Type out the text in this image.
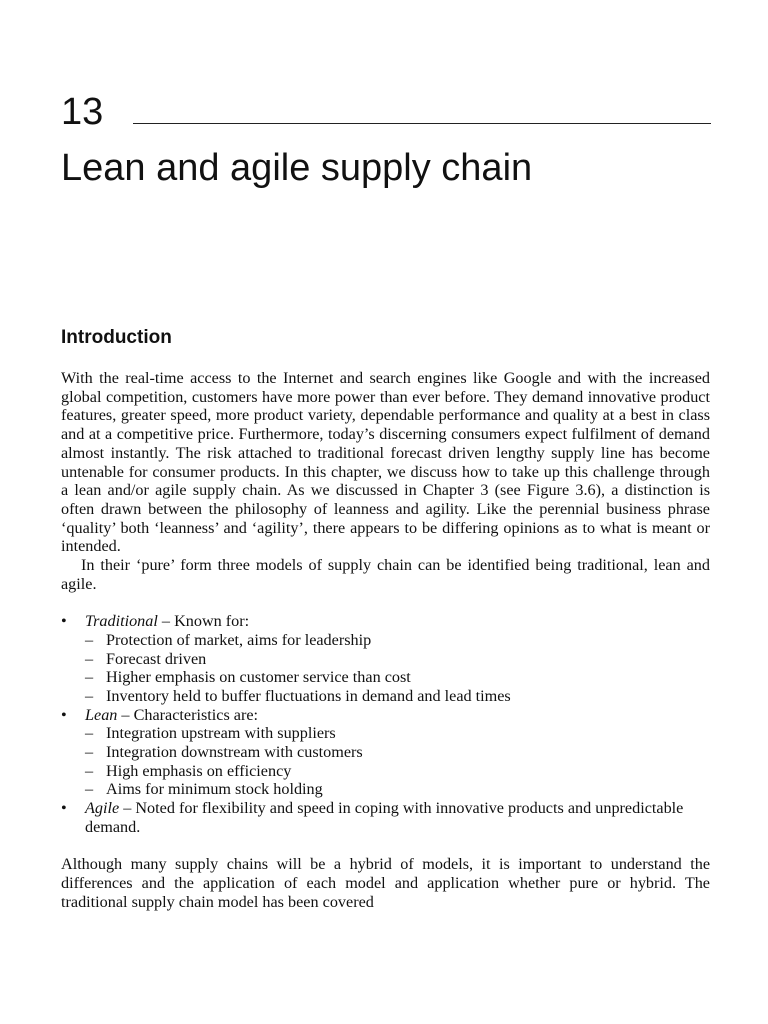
13
Lean and agile supply chain
Introduction

With the real-time access to the Internet and search engines like Google and with the increased global competition, customers have more power than ever before. They demand innovative product features, greater speed, more product variety, dependable performance and quality at a best in class and at a competitive price. Furthermore, today’s discerning consumers expect fulfilment of demand almost instantly. The risk attached to traditional forecast driven lengthy supply line has become untenable for consumer products. In this chapter, we discuss how to take up this challenge through a lean and/or agile supply chain. As we discussed in Chapter 3 (see Figure 3.6), a distinction is often drawn between the philosophy of leanness and agility. Like the perennial business phrase ‘quality’ both ‘leanness’ and ‘agility’, there appears to be differing opinions as to what is meant or intended.

In their ‘pure’ form three models of supply chain can be identified being traditional, lean and agile.

•	Traditional – Known for:
– Protection of market, aims for leadership
– Forecast driven
– Higher emphasis on customer service than cost
– Inventory held to buffer fluctuations in demand and lead times
•	Lean – Characteristics are:
– Integration upstream with suppliers
– Integration downstream with customers
– High emphasis on efficiency
– Aims for minimum stock holding
•	Agile – Noted for flexibility and speed in coping with innovative products and unpredictable demand.

Although many supply chains will be a hybrid of models, it is important to understand the differences and the application of each model and application whether pure or hybrid. The traditional supply chain model has been covered
